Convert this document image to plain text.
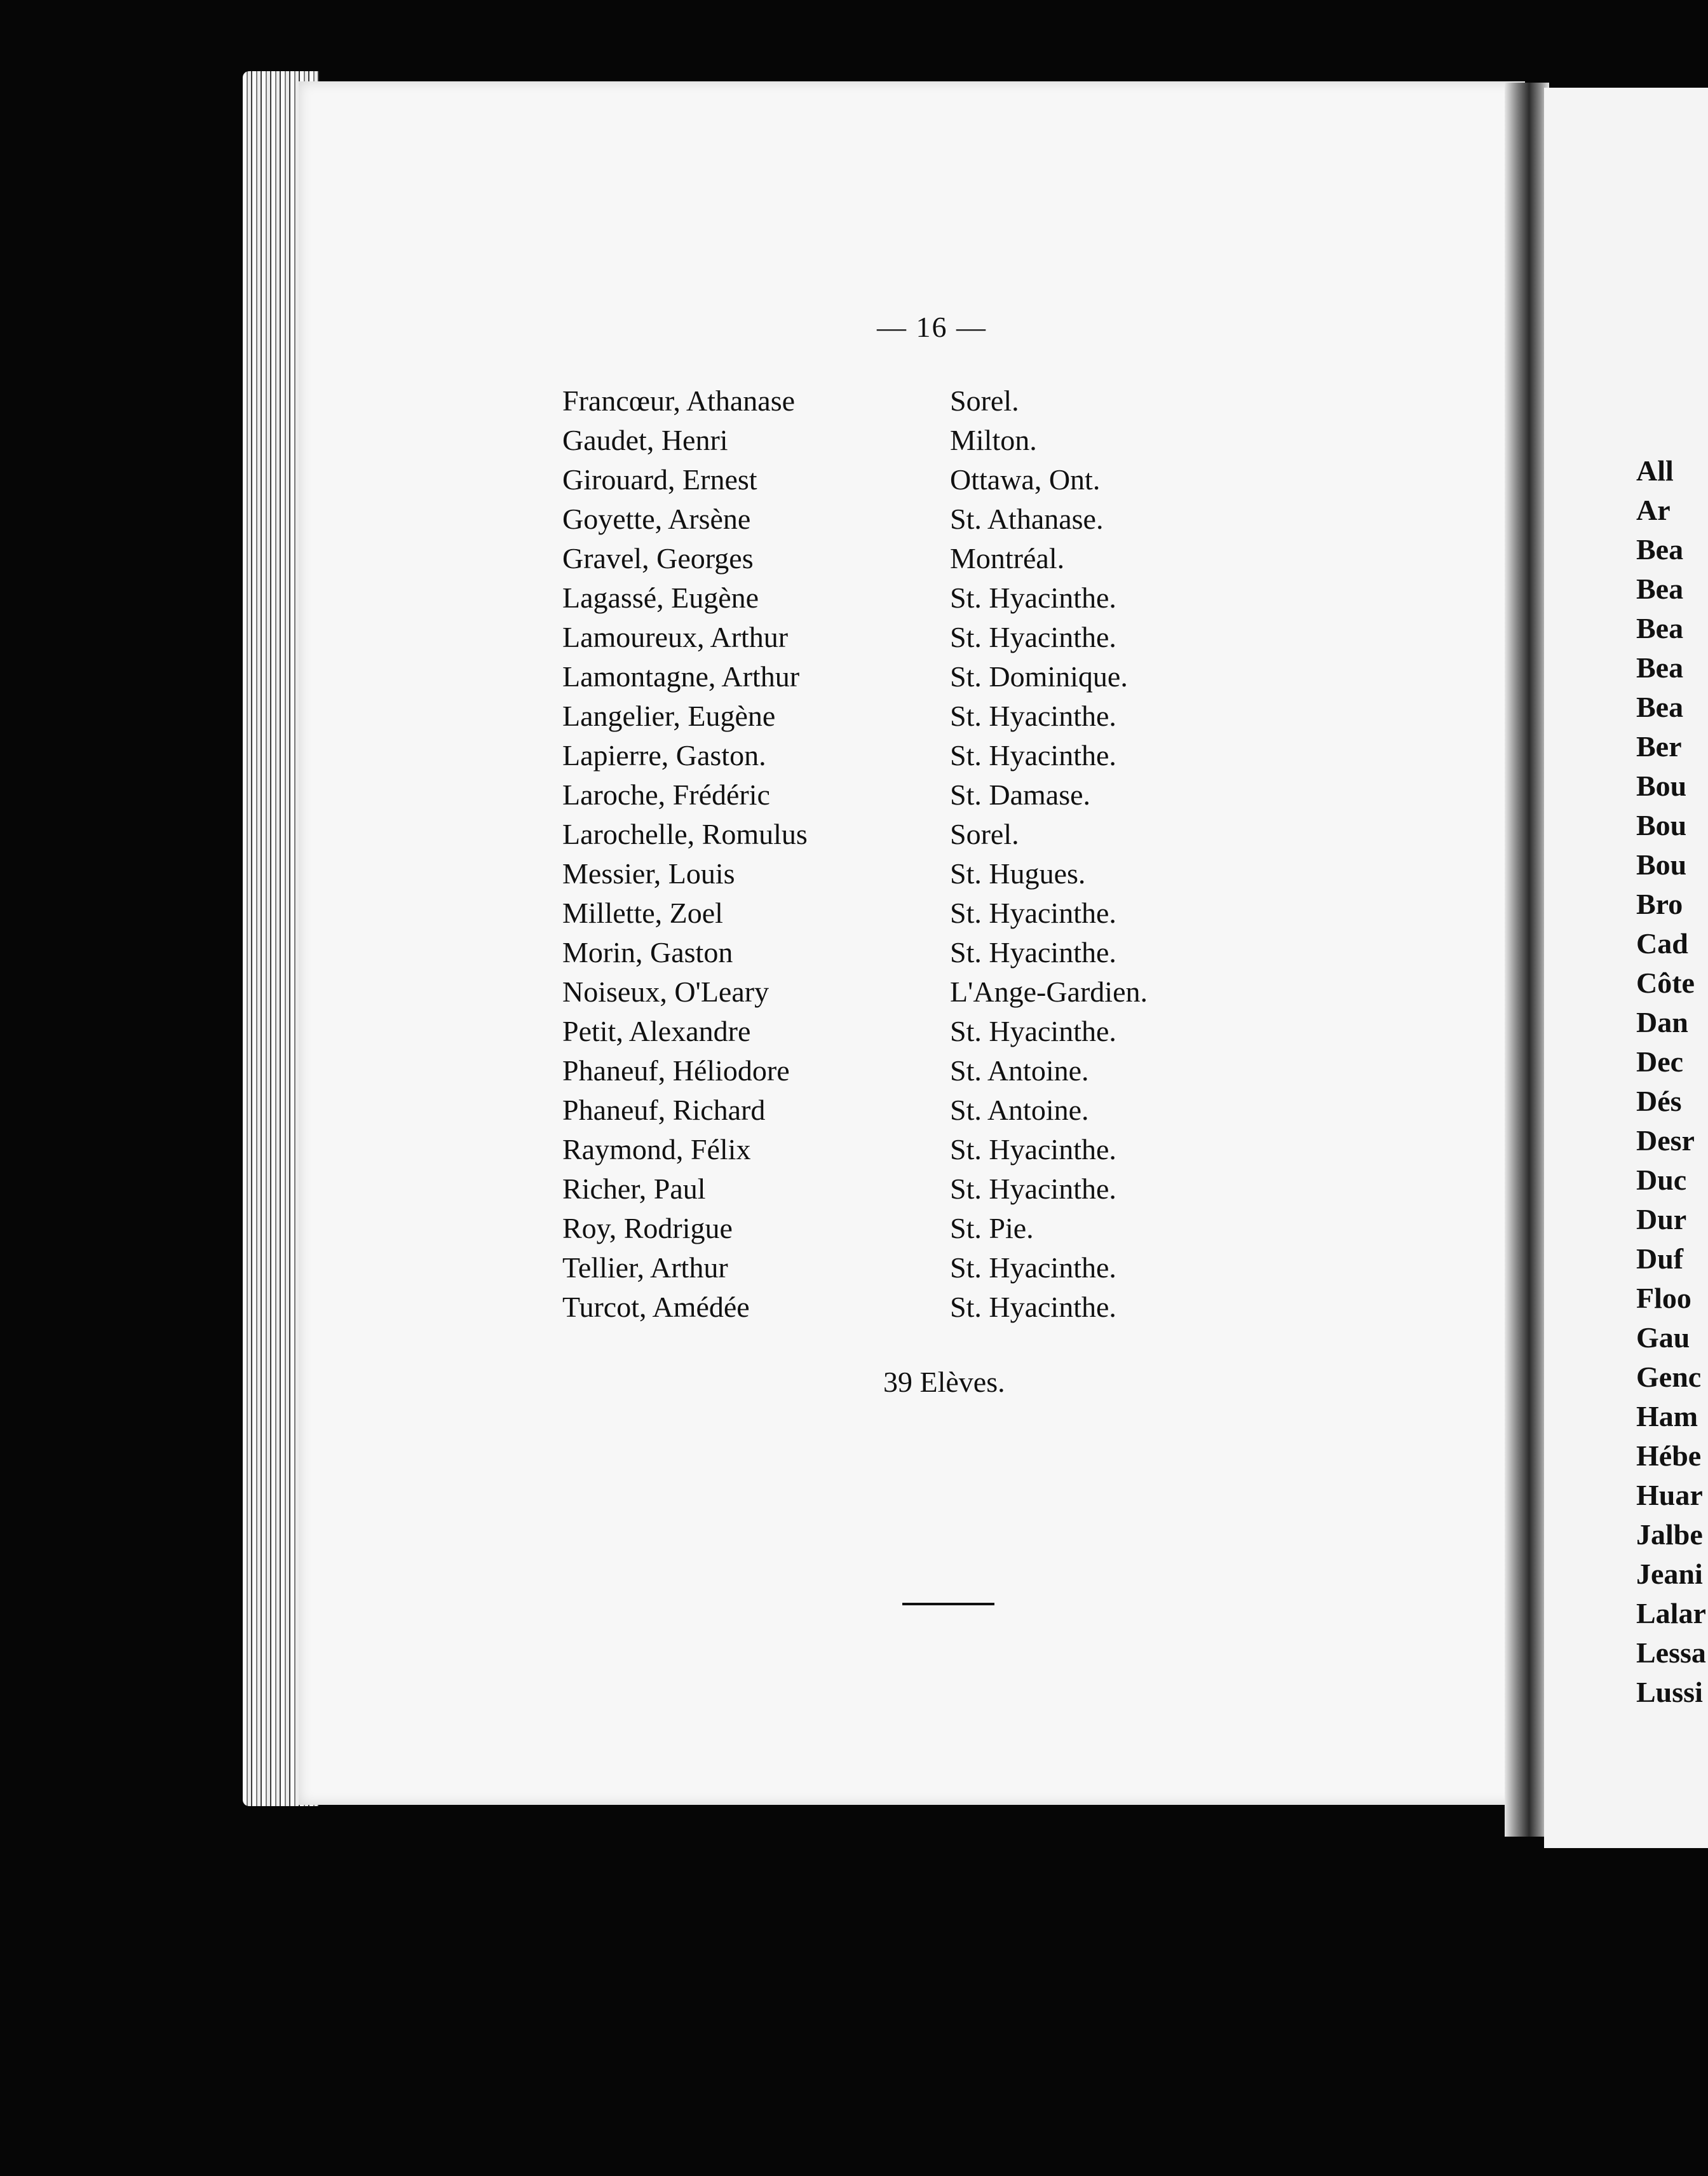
— 16 —
Francœur, Athanase	Sorel.
Gaudet, Henri	Milton.
Girouard, Ernest	Ottawa, Ont.
Goyette, Arsène	St. Athanase.
Gravel, Georges	Montréal.
Lagassé, Eugène	St. Hyacinthe.
Lamoureux, Arthur	St. Hyacinthe.
Lamontagne, Arthur	St. Dominique.
Langelier, Eugène	St. Hyacinthe.
Lapierre, Gaston.	St. Hyacinthe.
Laroche, Frédéric	St. Damase.
Larochelle, Romulus	Sorel.
Messier, Louis	St. Hugues.
Millette, Zoel	St. Hyacinthe.
Morin, Gaston	St. Hyacinthe.
Noiseux, O'Leary	L'Ange-Gardien.
Petit, Alexandre	St. Hyacinthe.
Phaneuf, Héliodore	St. Antoine.
Phaneuf, Richard	St. Antoine.
Raymond, Félix	St. Hyacinthe.
Richer, Paul	St. Hyacinthe.
Roy, Rodrigue	St. Pie.
Tellier, Arthur	St. Hyacinthe.
Turcot, Amédée	St. Hyacinthe.
39 Elèves.
All
Ar
Bea
Bea
Bea
Bea
Bea
Ber
Bou
Bou
Bou
Bro
Cad
Côte
Dan
Dec
Dés
Desr
Duc
Dur
Duf
Floo
Gau
Genc
Ham
Hébe
Huar
Jalbe
Jeani
Lalar
Lessa
Lussi
